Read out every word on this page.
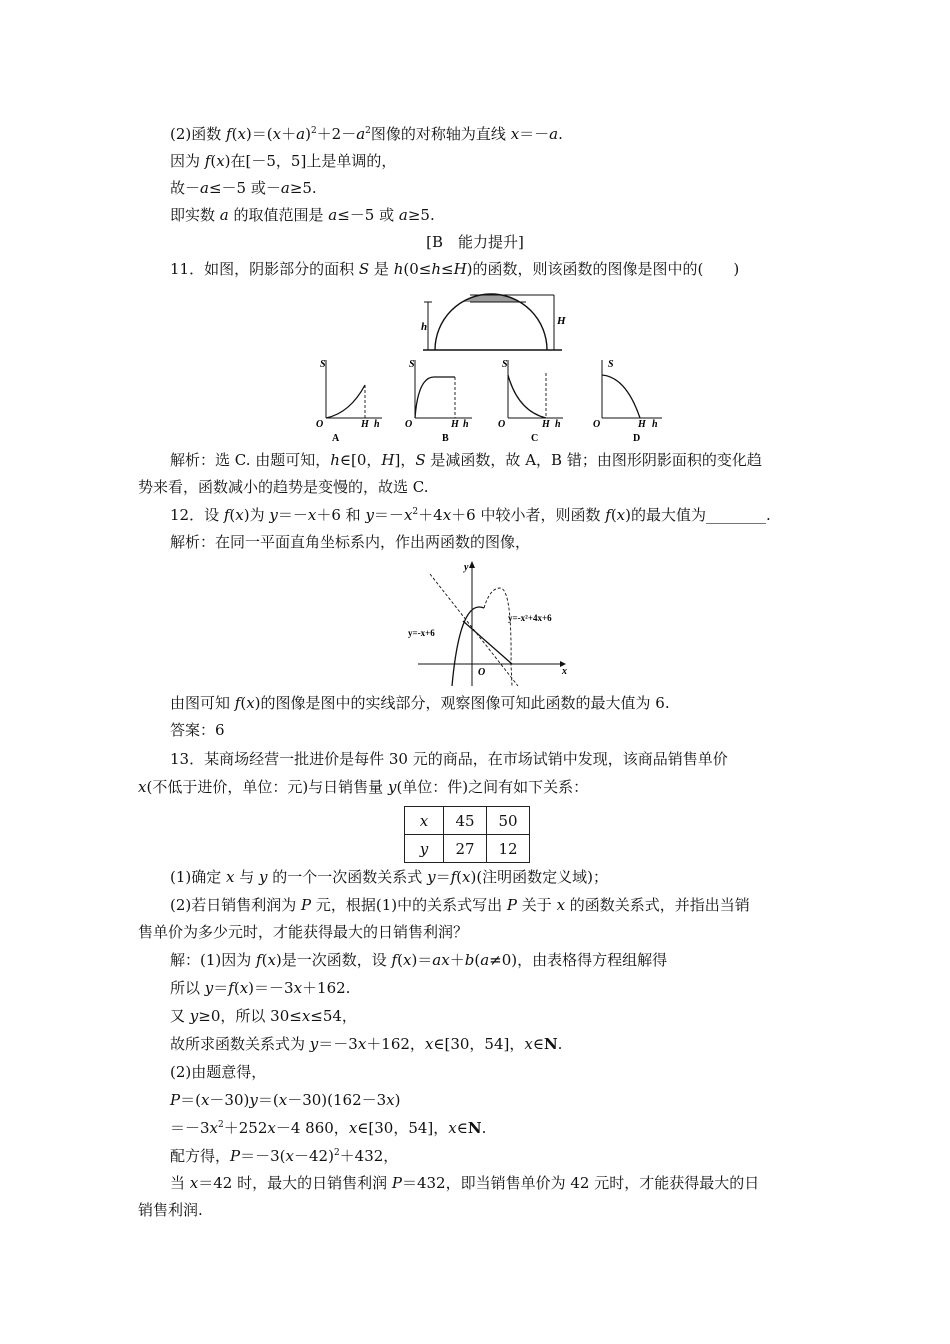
(2)函数 $f(x)=(x+a)^2+2-a^2$图像的对称轴为直线 x＝－a.
因为 f(x)在[－5，5]上是单调的，
故－a≤－5 或－a≥5.
即实数 a 的取值范围是 a≤－5 或 a≥5.
[B　能力提升]
11．如图，阴影部分的面积 S 是 h(0≤h≤H)的函数，则该函数的图像是图中的(　　)
h	H
S
O	H h
A
S
O	H h
B
S
O	H h
C
S
O	H h
D
解析：选 C. 由题可知，h∈[0，H]，S 是减函数，故 A，B 错；由图形阴影面积的变化趋
势来看，函数减小的趋势是变慢的，故选 C.
12．设 f(x)为 y＝－x＋6 和 $y=-x^2+4x+6$ 中较小者，则函数 f(x)的最大值为________.
解析：在同一平面直角坐标系内，作出两函数的图像，
x
y
O
y=-x+6
y=-x²+4x+6
由图可知 f(x)的图像是图中的实线部分，观察图像可知此函数的最大值为 6.
答案：6
13．某商场经营一批进价是每件 30 元的商品，在市场试销中发现，该商品销售单价
x(不低于进价，单位：元)与日销售量 y(单位：件)之间有如下关系：
x	45	50
y	27	12
(1)确定 x 与 y 的一个一次函数关系式 y＝f(x)(注明函数定义域)；
(2)若日销售利润为 P 元，根据(1)中的关系式写出 P 关于 x 的函数关系式，并指出当销
售单价为多少元时，才能获得最大的日销售利润？
解：(1)因为 f(x)是一次函数，设 f(x)＝ax＋b(a≠0)，由表格得方程组解得
所以 y＝f(x)＝－3x＋162.
又 y≥0，所以 30≤x≤54，
故所求函数关系式为 y＝－3x＋162，x∈[30，54]，x∈N.
(2)由题意得，
P＝(x－30)y＝(x－30)(162－3x)
$=-3x^2+252x-4$ 860，x∈[30，54]，x∈N.
配方得，$P=-3(x-42)^2+432$，
当 x＝42 时，最大的日销售利润 P＝432，即当销售单价为 42 元时，才能获得最大的日
销售利润.
